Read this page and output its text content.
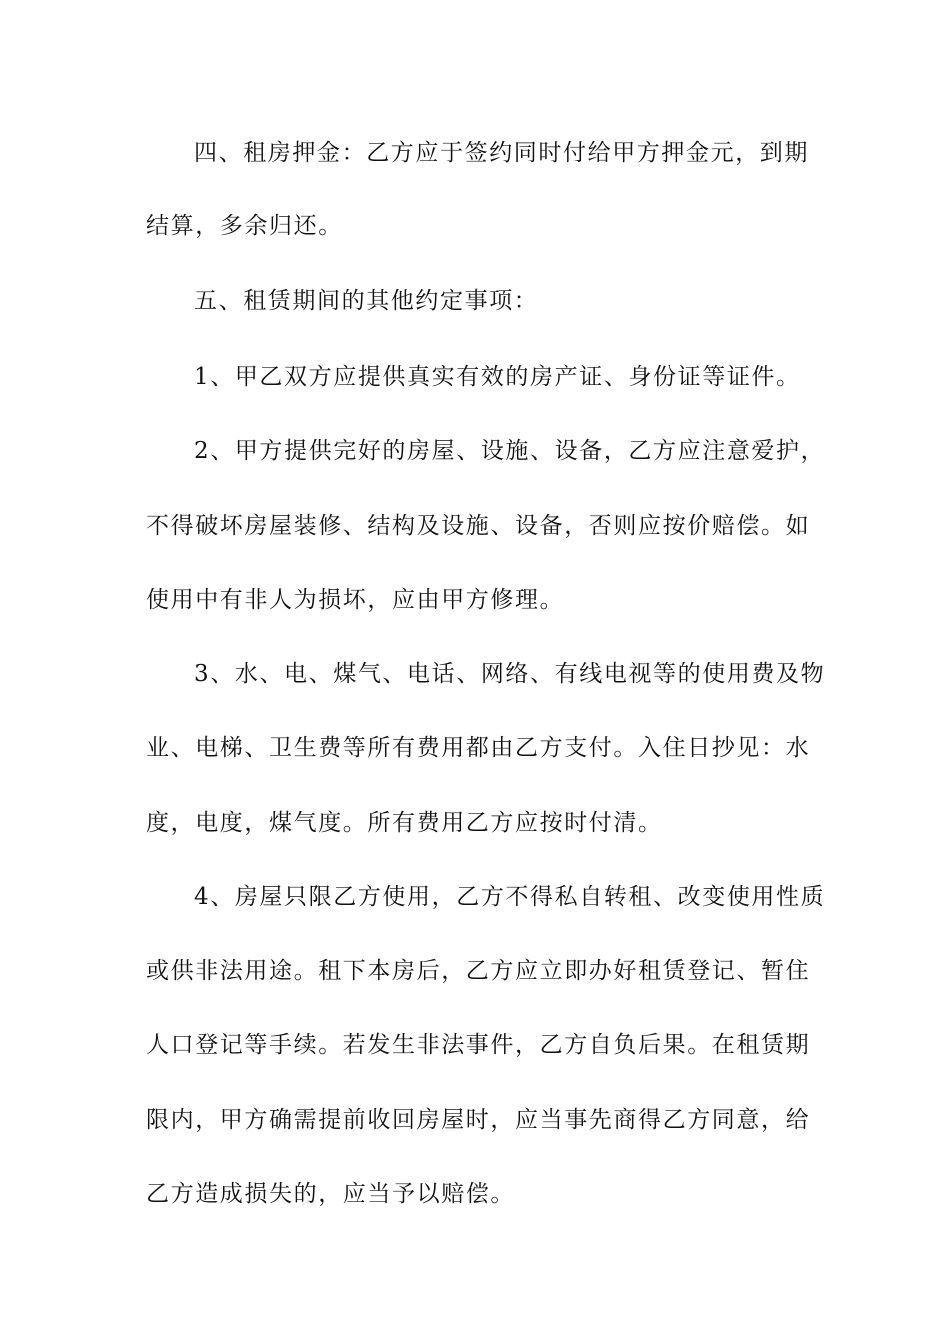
四、租房押金：乙方应于签约同时付给甲方押金元，到期

结算，多余归还。

五、租赁期间的其他约定事项：

1、甲乙双方应提供真实有效的房产证、身份证等证件。

2、甲方提供完好的房屋、设施、设备，乙方应注意爱护，

不得破坏房屋装修、结构及设施、设备，否则应按价赔偿。如

使用中有非人为损坏，应由甲方修理。

3、水、电、煤气、电话、网络、有线电视等的使用费及物

业、电梯、卫生费等所有费用都由乙方支付。入住日抄见：水

度，电度，煤气度。所有费用乙方应按时付清。

4、房屋只限乙方使用，乙方不得私自转租、改变使用性质

或供非法用途。租下本房后，乙方应立即办好租赁登记、暂住

人口登记等手续。若发生非法事件，乙方自负后果。在租赁期

限内，甲方确需提前收回房屋时，应当事先商得乙方同意，给

乙方造成损失的，应当予以赔偿。
